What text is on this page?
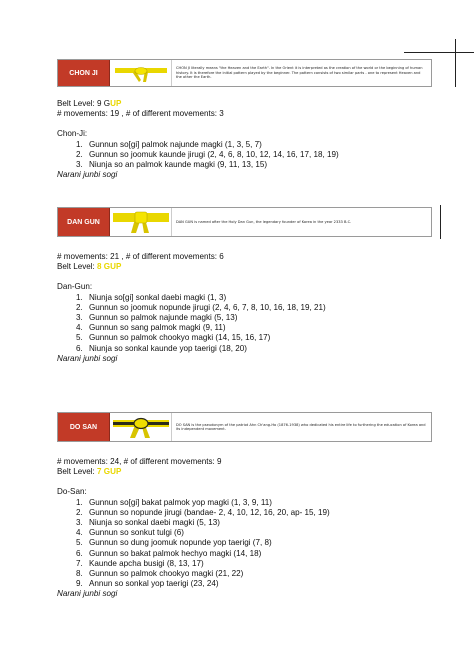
CHON JI
CHON JI literally means "the Heaven and the Earth". In the Orient it is interpreted as the creation of the world or the beginning of human history. It is therefore the initial pattern played by the beginner. The pattern consists of two similar parts - one to represent Heaven and the other the Earth.
Belt Level: 9 GUP
# movements: 19 , # of different movements: 3
Chon-Ji:
1. Gunnun so[gi] palmok najunde magki (1, 3, 5, 7)
2. Gunnun so joomuk kaunde jirugi (2, 4, 6, 8, 10, 12, 14, 16, 17, 18, 19)
3. Niunja so an palmok kaunde magki (9, 11, 13, 15)
Narani junbi sogi
DAN GUN	DAN GUN is named after the Holy Dan Gun, the legendary founder of Korea in the year 2333 B.C.
# movements: 21 , # of different movements: 6
Belt Level: 8 GUP
Dan-Gun:
1. Niunja so[gi] sonkal daebi magki (1, 3)
2. Gunnun so joomuk nopunde jirugi (2, 4, 6, 7, 8, 10, 16, 18, 19, 21)
3. Gunnun so palmok najunde magki (5, 13)
4. Gunnun so sang palmok magki (9, 11)
5. Gunnun so palmok chookyo magki (14, 15, 16, 17)
6. Niunja so sonkal kaunde yop taerigi (18, 20)
Narani junbi sogi
DO SAN	DO SAN is the pseudonym of the patriot Ahn Ch'ang-Ho (1876-1938) who dedicated his entire life to furthering the education of Korea and its independent movement.
# movements: 24, # of different movements: 9
Belt Level: 7 GUP
Do-San:
1. Gunnun so[gi] bakat palmok yop magki (1, 3, 9, 11)
2. Gunnun so nopunde jirugi (bandae- 2, 4, 10, 12, 16, 20, ap- 15, 19)
3. Niunja so sonkal daebi magki (5, 13)
4. Gunnun so sonkut tulgi (6)
5. Gunnun so dung joomuk nopunde yop taerigi (7, 8)
6. Gunnun so bakat palmok hechyo magki (14, 18)
7. Kaunde apcha busigi (8, 13, 17)
8. Gunnun so palmok chookyo magki (21, 22)
9. Annun so sonkal yop taerigi (23, 24)
Narani junbi sogi
